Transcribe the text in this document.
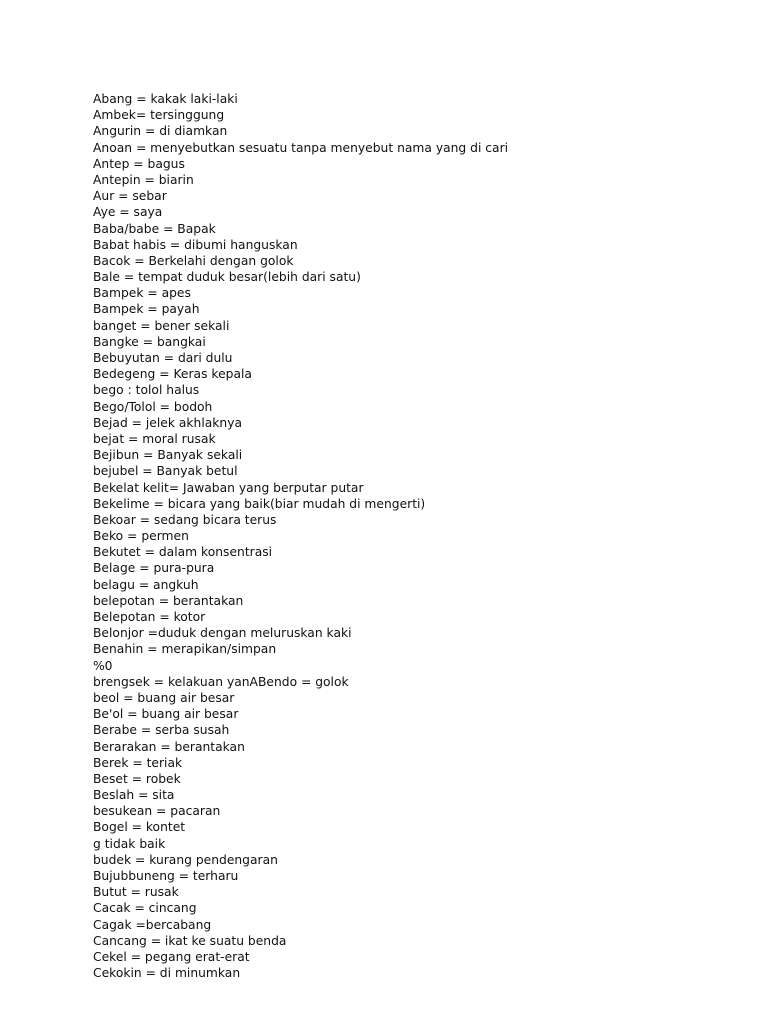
Abang = kakak laki-laki
Ambek= tersinggung
Angurin = di diamkan
Anoan = menyebutkan sesuatu tanpa menyebut nama yang di cari
Antep = bagus
Antepin = biarin
Aur = sebar
Aye = saya
Baba/babe = Bapak
Babat habis = dibumi hanguskan
Bacok = Berkelahi dengan golok
Bale = tempat duduk besar(lebih dari satu)
Bampek = apes
Bampek = payah
banget = bener sekali
Bangke = bangkai
Bebuyutan = dari dulu
Bedegeng = Keras kepala
bego : tolol halus
Bego/Tolol = bodoh
Bejad = jelek akhlaknya
bejat = moral rusak
Bejibun = Banyak sekali
bejubel = Banyak betul
Bekelat kelit= Jawaban yang berputar putar
Bekelime = bicara yang baik(biar mudah di mengerti)
Bekoar = sedang bicara terus
Beko = permen
Bekutet = dalam konsentrasi
Belage = pura-pura
belagu = angkuh
belepotan = berantakan
Belepotan = kotor
Belonjor =duduk dengan meluruskan kaki
Benahin = merapikan/simpan
%0
brengsek = kelakuan yanABendo = golok
beol = buang air besar
Be'ol = buang air besar
Berabe = serba susah
Berarakan = berantakan
Berek = teriak
Beset = robek
Beslah = sita
besukean = pacaran
Bogel = kontet
g tidak baik
budek = kurang pendengaran
Bujubbuneng = terharu
Butut = rusak
Cacak = cincang
Cagak =bercabang
Cancang = ikat ke suatu benda
Cekel = pegang erat-erat
Cekokin = di minumkan
